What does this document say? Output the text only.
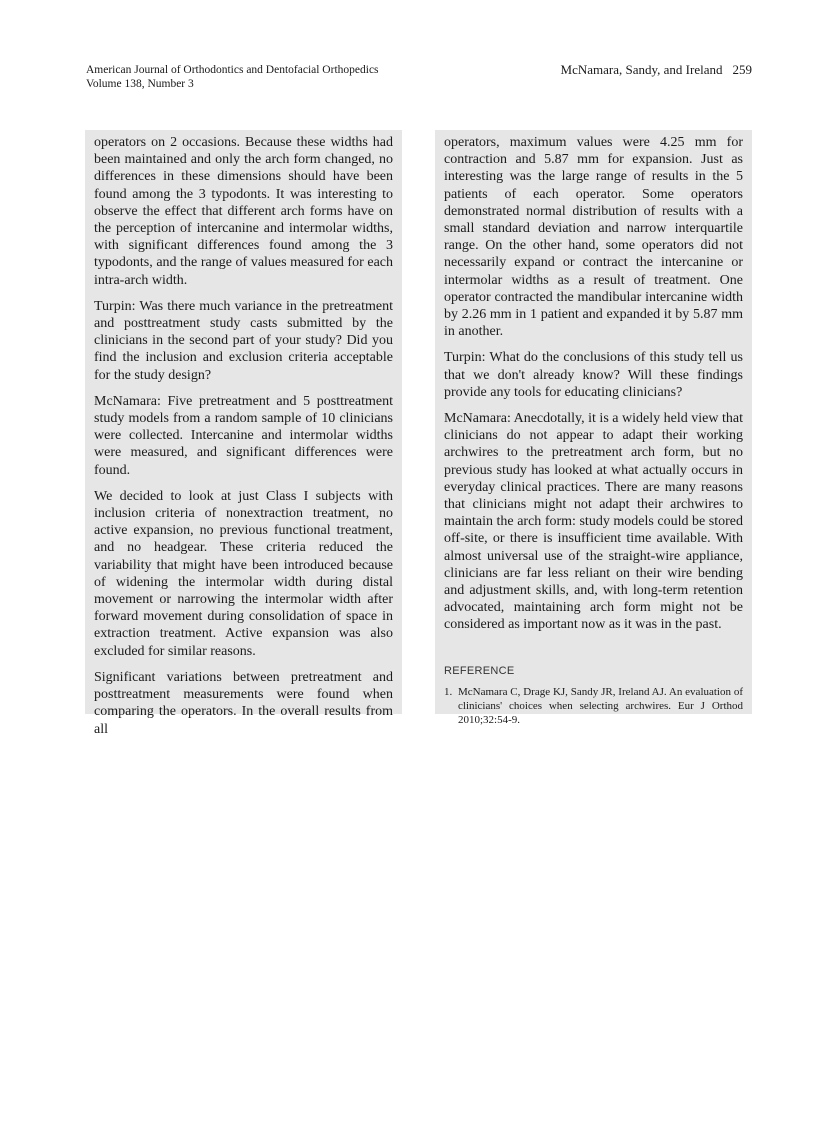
American Journal of Orthodontics and Dentofacial Orthopedics
Volume 138, Number 3
McNamara, Sandy, and Ireland 259

operators on 2 occasions. Because these widths had been maintained and only the arch form changed, no differences in these dimensions should have been found among the 3 typodonts. It was interesting to observe the effect that different arch forms have on the perception of intercanine and intermolar widths, with significant differences found among the 3 typodonts, and the range of values measured for each intra-arch width.

Turpin: Was there much variance in the pretreatment and posttreatment study casts submitted by the clinicians in the second part of your study? Did you find the inclusion and exclusion criteria acceptable for the study design?

McNamara: Five pretreatment and 5 posttreatment study models from a random sample of 10 clinicians were collected. Intercanine and intermolar widths were measured, and significant differences were found.

We decided to look at just Class I subjects with inclusion criteria of nonextraction treatment, no active expansion, no previous functional treatment, and no headgear. These criteria reduced the variability that might have been introduced because of widening the intermolar width during distal movement or narrowing the intermolar width after forward movement during consolidation of space in extraction treatment. Active expansion was also excluded for similar reasons.

Significant variations between pretreatment and posttreatment measurements were found when comparing the operators. In the overall results from all

operators, maximum values were 4.25 mm for contraction and 5.87 mm for expansion. Just as interesting was the large range of results in the 5 patients of each operator. Some operators demonstrated normal distribution of results with a small standard deviation and narrow interquartile range. On the other hand, some operators did not necessarily expand or contract the intercanine or intermolar widths as a result of treatment. One operator contracted the mandibular intercanine width by 2.26 mm in 1 patient and expanded it by 5.87 mm in another.

Turpin: What do the conclusions of this study tell us that we don't already know? Will these findings provide any tools for educating clinicians?

McNamara: Anecdotally, it is a widely held view that clinicians do not appear to adapt their working archwires to the pretreatment arch form, but no previous study has looked at what actually occurs in everyday clinical practices. There are many reasons that clinicians might not adapt their archwires to maintain the arch form: study models could be stored off-site, or there is insufficient time available. With almost universal use of the straight-wire appliance, clinicians are far less reliant on their wire bending and adjustment skills, and, with long-term retention advocated, maintaining arch form might not be considered as important now as it was in the past.

REFERENCE
1. McNamara C, Drage KJ, Sandy JR, Ireland AJ. An evaluation of clinicians' choices when selecting archwires. Eur J Orthod 2010;32:54-9.
